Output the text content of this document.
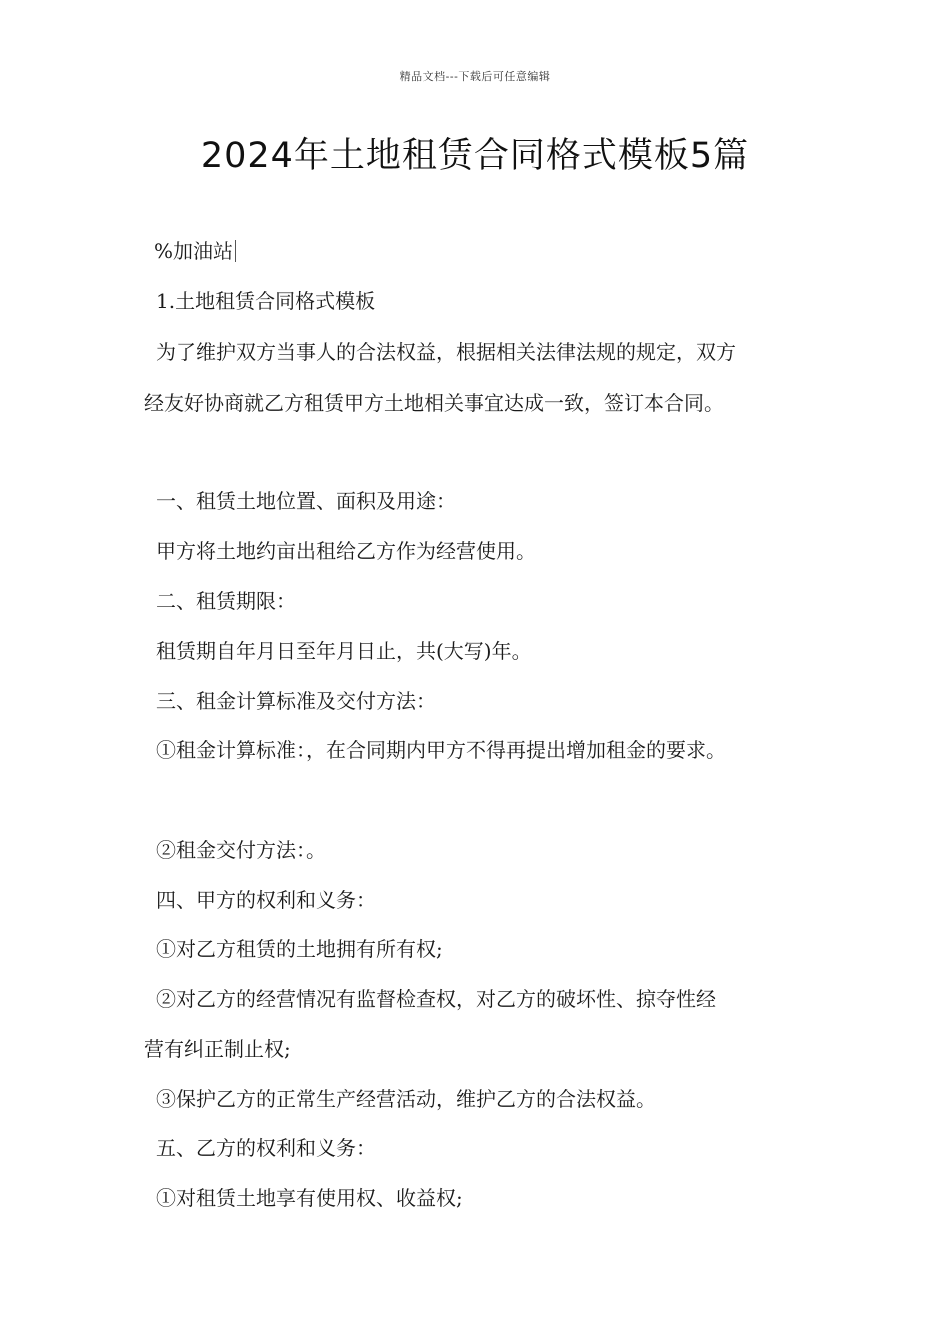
精品文档---下载后可任意编辑
2024年土地租赁合同格式模板5篇
%加油站
1.土地租赁合同格式模板
为了维护双方当事人的合法权益，根据相关法律法规的规定，双方
经友好协商就乙方租赁甲方土地相关事宜达成一致，签订本合同。
一、租赁土地位置、面积及用途：
甲方将土地约亩出租给乙方作为经营使用。
二、租赁期限：
租赁期自年月日至年月日止，共(大写)年。
三、租金计算标准及交付方法：
①租金计算标准：，在合同期内甲方不得再提出增加租金的要求。
②租金交付方法：。
四、甲方的权利和义务：
①对乙方租赁的土地拥有所有权;
②对乙方的经营情况有监督检查权，对乙方的破坏性、掠夺性经
营有纠正制止权;
③保护乙方的正常生产经营活动，维护乙方的合法权益。
五、乙方的权利和义务：
①对租赁土地享有使用权、收益权;
